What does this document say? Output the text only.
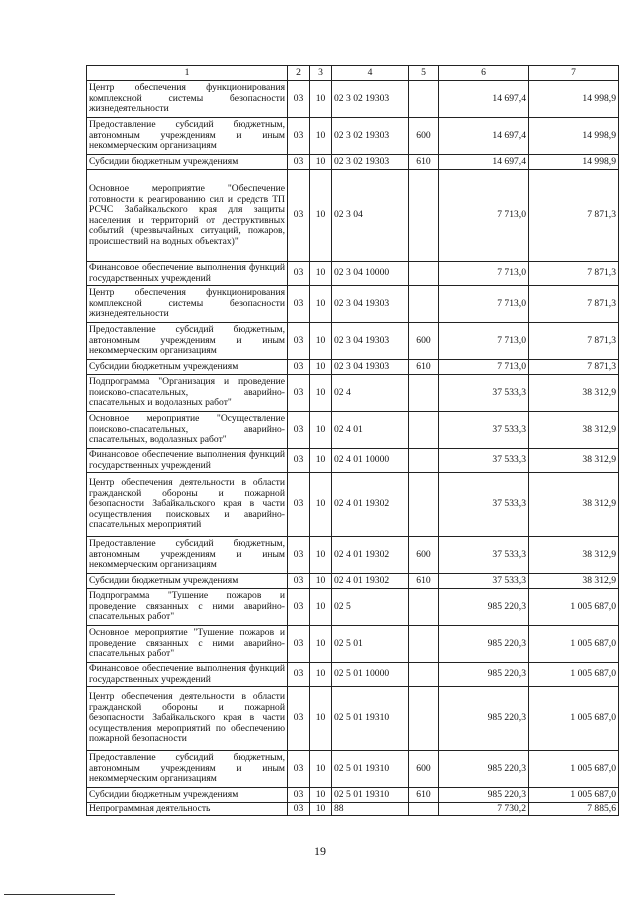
1	2	3	4	5	6	7
Центр обеспечения функционирования комплексной системы безопасности жизнедеятельности	03	10	02 3 02 19303		14 697,4	14 998,9
Предоставление субсидий бюджетным, автономным учреждениям и иным некоммерческим организациям	03	10	02 3 02 19303	600	14 697,4	14 998,9
Субсидии бюджетным учреждениям	03	10	02 3 02 19303	610	14 697,4	14 998,9
Основное мероприятие "Обеспечение готовности к реагированию сил и средств ТП РСЧС Забайкальского края для защиты населения и территорий от деструктивных событий (чрезвычайных ситуаций, пожаров, происшествий на водных объектах)"	03	10	02 3 04		7 713,0	7 871,3
Финансовое обеспечение выполнения функций государственных учреждений	03	10	02 3 04 10000		7 713,0	7 871,3
Центр обеспечения функционирования комплексной системы безопасности жизнедеятельности	03	10	02 3 04 19303		7 713,0	7 871,3
Предоставление субсидий бюджетным, автономным учреждениям и иным некоммерческим организациям	03	10	02 3 04 19303	600	7 713,0	7 871,3
Субсидии бюджетным учреждениям	03	10	02 3 04 19303	610	7 713,0	7 871,3
Подпрограмма "Организация и проведение поисково-спасательных, аварийно-спасательных и водолазных работ"	03	10	02 4		37 533,3	38 312,9
Основное мероприятие "Осуществление поисково-спасательных, аварийно-спасательных, водолазных работ"	03	10	02 4 01		37 533,3	38 312,9
Финансовое обеспечение выполнения функций государственных учреждений	03	10	02 4 01 10000		37 533,3	38 312,9
Центр обеспечения деятельности в области гражданской обороны и пожарной безопасности Забайкальского края в части осуществления поисковых и аварийно-спасательных мероприятий	03	10	02 4 01 19302		37 533,3	38 312,9
Предоставление субсидий бюджетным, автономным учреждениям и иным некоммерческим организациям	03	10	02 4 01 19302	600	37 533,3	38 312,9
Субсидии бюджетным учреждениям	03	10	02 4 01 19302	610	37 533,3	38 312,9
Подпрограмма "Тушение пожаров и проведение связанных с ними аварийно-спасательных работ"	03	10	02 5		985 220,3	1 005 687,0
Основное мероприятие "Тушение пожаров и проведение связанных с ними аварийно-спасательных работ"	03	10	02 5 01		985 220,3	1 005 687,0
Финансовое обеспечение выполнения функций государственных учреждений	03	10	02 5 01 10000		985 220,3	1 005 687,0
Центр обеспечения деятельности в области гражданской обороны и пожарной безопасности Забайкальского края в части осуществления мероприятий по обеспечению пожарной безопасности	03	10	02 5 01 19310		985 220,3	1 005 687,0
Предоставление субсидий бюджетным, автономным учреждениям и иным некоммерческим организациям	03	10	02 5 01 19310	600	985 220,3	1 005 687,0
Субсидии бюджетным учреждениям	03	10	02 5 01 19310	610	985 220,3	1 005 687,0
Непрограммная деятельность	03	10	88		7 730,2	7 885,6
19
